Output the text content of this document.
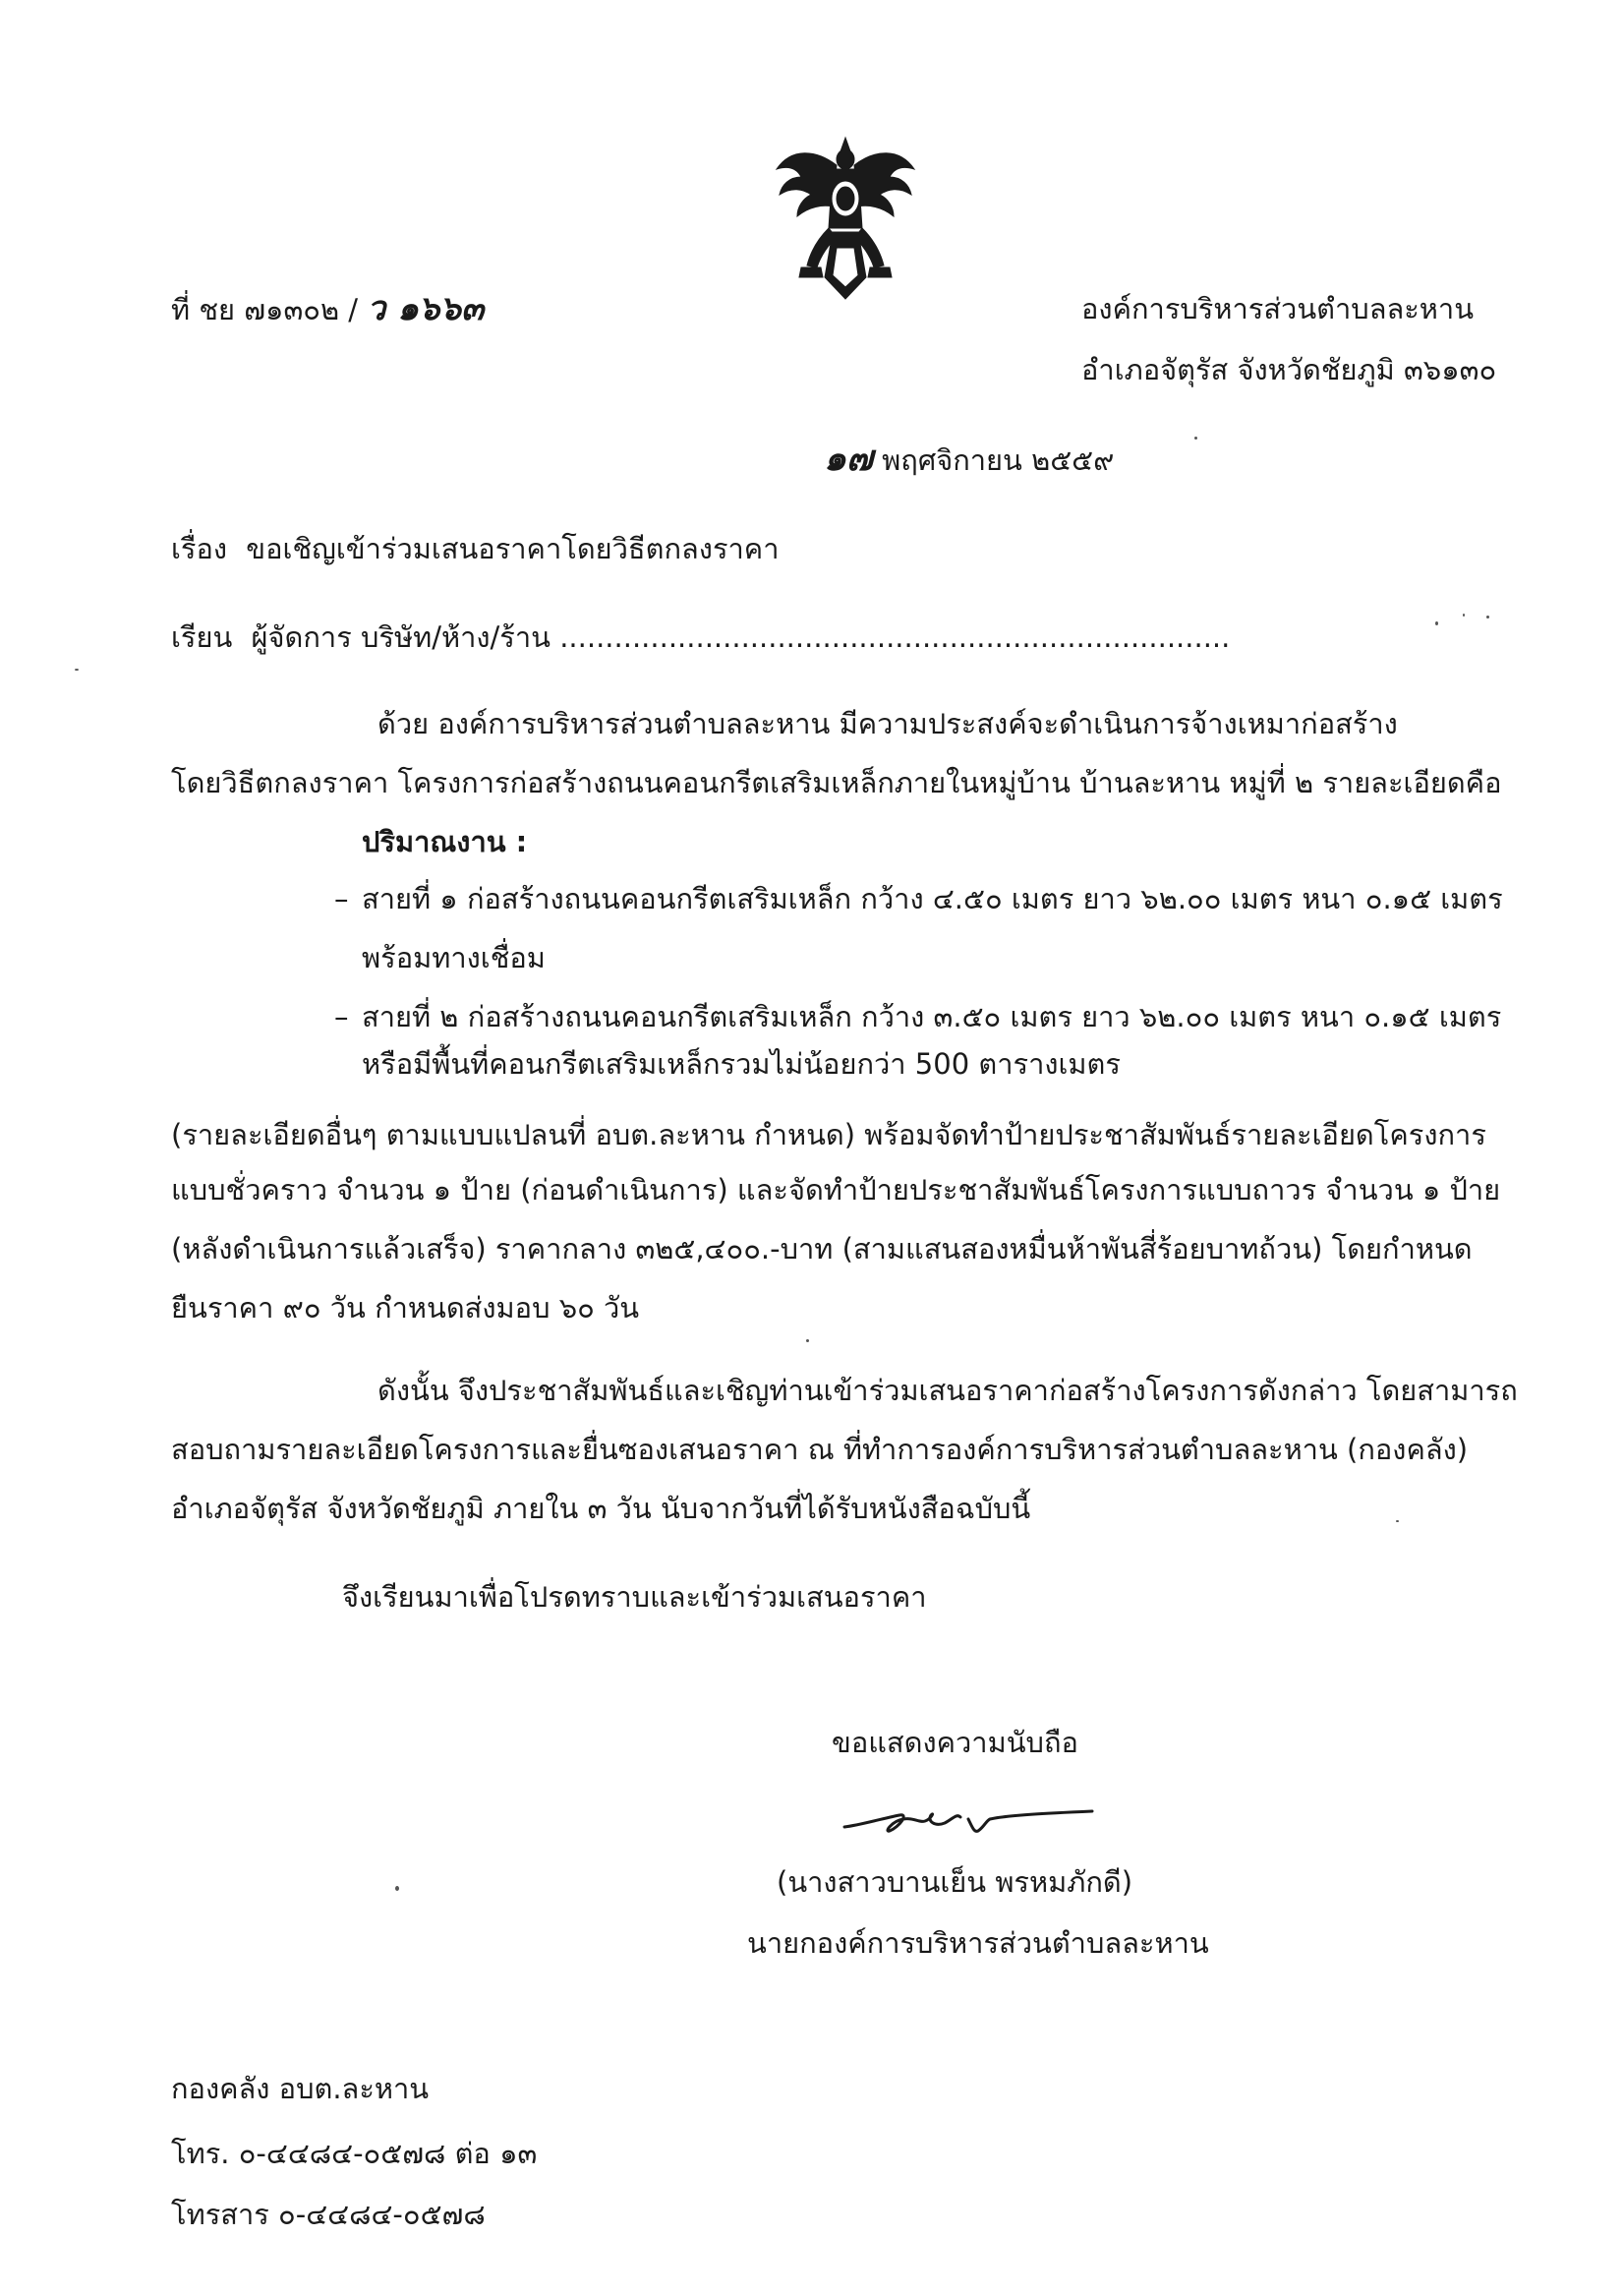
ที่ ชย ๗๑๓๐๒ / ว ๑๖๖๓	องค์การบริหารส่วนตำบลละหาน
อำเภอจัตุรัส จังหวัดชัยภูมิ ๓๖๑๓๐
๑๗ พฤศจิกายน ๒๕๕๙
เรื่อง ขอเชิญเข้าร่วมเสนอราคาโดยวิธีตกลงราคา
เรียน ผู้จัดการ บริษัท/ห้าง/ร้าน ..........................................................................
ด้วย องค์การบริหารส่วนตำบลละหาน มีความประสงค์จะดำเนินการจ้างเหมาก่อสร้าง
โดยวิธีตกลงราคา โครงการก่อสร้างถนนคอนกรีตเสริมเหล็กภายในหมู่บ้าน บ้านละหาน หมู่ที่ ๒ รายละเอียดคือ
ปริมาณงาน :
– สายที่ ๑ ก่อสร้างถนนคอนกรีตเสริมเหล็ก กว้าง ๔.๕๐ เมตร ยาว ๖๒.๐๐ เมตร หนา ๐.๑๕ เมตร
พร้อมทางเชื่อม
– สายที่ ๒ ก่อสร้างถนนคอนกรีตเสริมเหล็ก กว้าง ๓.๕๐ เมตร ยาว ๖๒.๐๐ เมตร หนา ๐.๑๕ เมตร
หรือมีพื้นที่คอนกรีตเสริมเหล็กรวมไม่น้อยกว่า 500 ตารางเมตร
(รายละเอียดอื่นๆ ตามแบบแปลนที่ อบต.ละหาน กำหนด) พร้อมจัดทำป้ายประชาสัมพันธ์รายละเอียดโครงการ
แบบชั่วคราว จำนวน ๑ ป้าย (ก่อนดำเนินการ) และจัดทำป้ายประชาสัมพันธ์โครงการแบบถาวร จำนวน ๑ ป้าย
(หลังดำเนินการแล้วเสร็จ) ราคากลาง ๓๒๕,๔๐๐.-บาท (สามแสนสองหมื่นห้าพันสี่ร้อยบาทถ้วน) โดยกำหนด
ยืนราคา ๙๐ วัน กำหนดส่งมอบ ๖๐ วัน
ดังนั้น จึงประชาสัมพันธ์และเชิญท่านเข้าร่วมเสนอราคาก่อสร้างโครงการดังกล่าว โดยสามารถ
สอบถามรายละเอียดโครงการและยื่นซองเสนอราคา ณ ที่ทำการองค์การบริหารส่วนตำบลละหาน (กองคลัง)
อำเภอจัตุรัส จังหวัดชัยภูมิ ภายใน ๓ วัน นับจากวันที่ได้รับหนังสือฉบับนี้
จึงเรียนมาเพื่อโปรดทราบและเข้าร่วมเสนอราคา
ขอแสดงความนับถือ
(นางสาวบานเย็น พรหมภักดี)
นายกองค์การบริหารส่วนตำบลละหาน
กองคลัง อบต.ละหาน
โทร. ๐-๔๔๘๔-๐๕๗๘ ต่อ ๑๓
โทรสาร ๐-๔๔๘๔-๐๕๗๘
